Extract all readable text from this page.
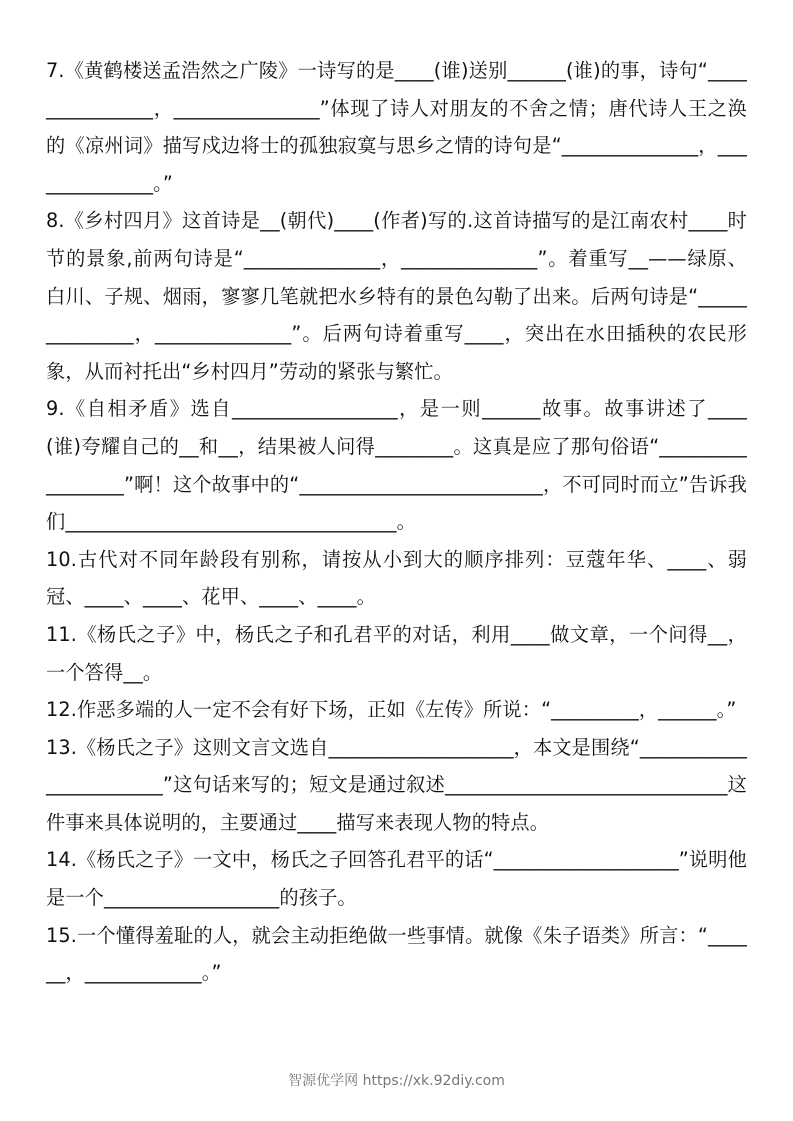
7.《黄鹤楼送孟浩然之广陵》一诗写的是____(谁)送别______(谁)的事，诗句“_______________，_______________”体现了诗人对朋友的不舍之情；唐代诗人王之涣的《凉州词》描写戍边将士的孤独寂寞与思乡之情的诗句是“______________，______________。”
8.《乡村四月》这首诗是__(朝代)____(作者)写的.这首诗描写的是江南农村____时节的景象,前两句诗是“______________，______________”。着重写__——绿原、白川、子规、烟雨，寥寥几笔就把水乡特有的景色勾勒了出来。后两句诗是“______________，______________”。后两句诗着重写____，突出在水田插秧的农民形象，从而衬托出“乡村四月”劳动的紧张与繁忙。
9.《自相矛盾》选自_________________，是一则______故事。故事讲述了____(谁)夸耀自己的__和__，结果被人问得________。这真是应了那句俗语“_________________”啊！这个故事中的“_________________________，不可同时而立”告诉我们__________________________________。
10.古代对不同年龄段有别称，请按从小到大的顺序排列：豆蔻年华、____、弱冠、____、____、花甲、____、____。
11.《杨氏之子》中，杨氏之子和孔君平的对话，利用____做文章，一个问得__，一个答得__。
12.作恶多端的人一定不会有好下场，正如《左传》所说：“_________，______。”
13.《杨氏之子》这则文言文选自___________________，本文是围绕“_______________________”这句话来写的；短文是通过叙述_____________________________这件事来具体说明的，主要通过____描写来表现人物的特点。
14.《杨氏之子》一文中，杨氏之子回答孔君平的话“___________________”说明他是一个__________________的孩子。
15.一个懂得羞耻的人，就会主动拒绝做一些事情。就像《朱子语类》所言：“______，____________。”
智源优学网 https://xk.92diy.com
